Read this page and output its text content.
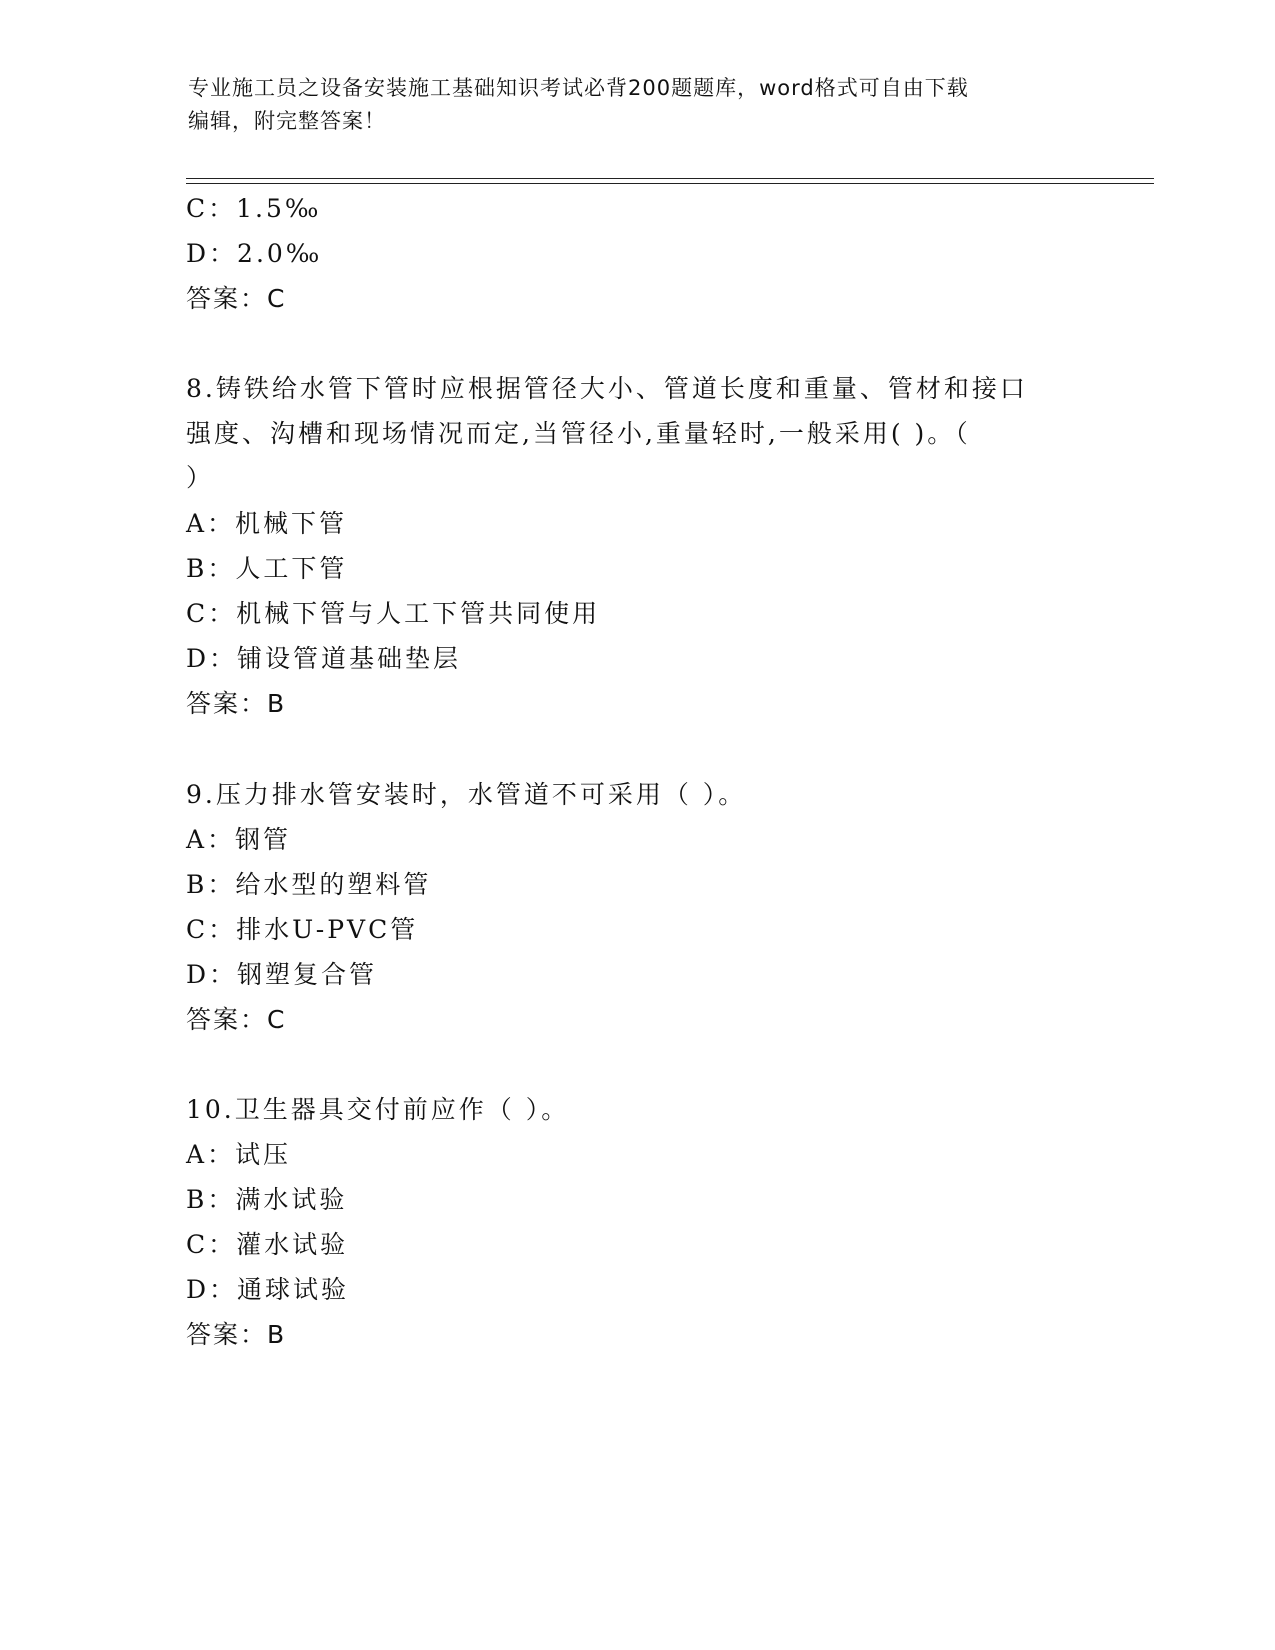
专业施工员之设备安装施工基础知识考试必背200题题库，word格式可自由下载
编辑，附完整答案！
C：1.5‰
D：2.0‰
答案：C
8.铸铁给水管下管时应根据管径大小、管道长度和重量、管材和接口
强度、沟槽和现场情况而定,当管径小,重量轻时,一般采用( )。（
）
A：机械下管
B：人工下管
C：机械下管与人工下管共同使用
D：铺设管道基础垫层
答案：B
9.压力排水管安装时，水管道不可采用（ ）。
A：钢管
B：给水型的塑料管
C：排水U-PVC管
D：钢塑复合管
答案：C
10.卫生器具交付前应作（ ）。
A：试压
B：满水试验
C：灌水试验
D：通球试验
答案：B
